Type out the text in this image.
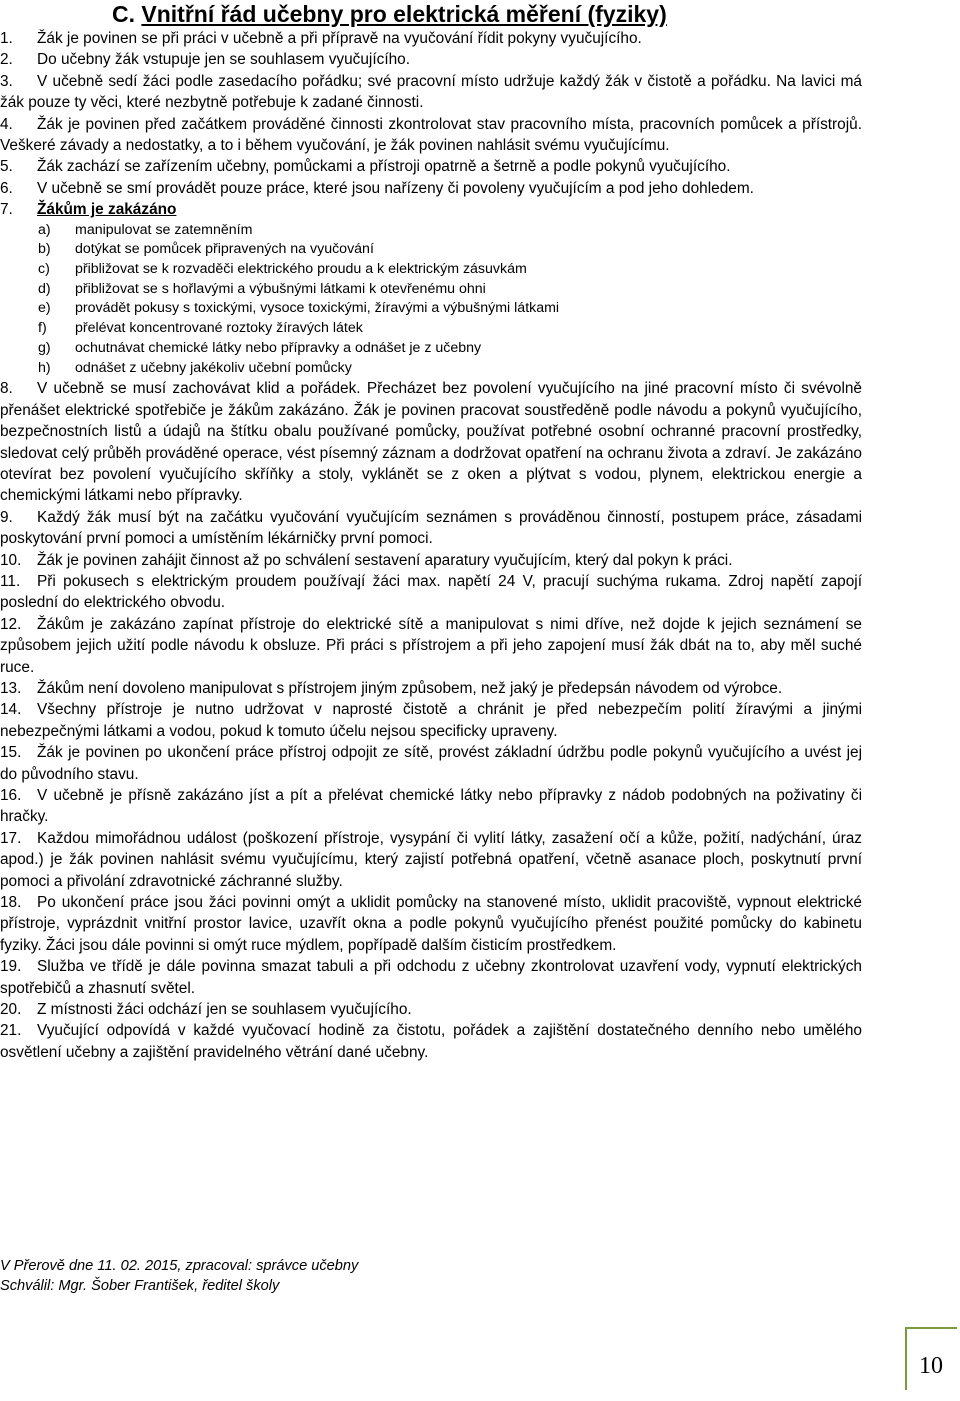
C. Vnitřní řád učebny pro elektrická měření (fyziky)

1. Žák je povinen se při práci v učebně a při přípravě na vyučování řídit pokyny vyučujícího.

2. Do učebny žák vstupuje jen se souhlasem vyučujícího.

3. V učebně sedí žáci podle zasedacího pořádku; své pracovní místo udržuje každý žák v čistotě a pořádku. Na lavici má žák pouze ty věci, které nezbytně potřebuje k zadané činnosti.

4. Žák je povinen před začátkem prováděné činnosti zkontrolovat stav pracovního místa, pracovních pomůcek a přístrojů. Veškeré závady a nedostatky, a to i během vyučování, je žák povinen nahlásit svému vyučujícímu.

5. Žák zachází se zařízením učebny, pomůckami a přístroji opatrně a šetrně a podle pokynů vyučujícího.

6. V učebně se smí provádět pouze práce, které jsou nařízeny či povoleny vyučujícím a pod jeho dohledem.

7. Žákům je zakázáno

a) manipulovat se zatemněním

b) dotýkat se pomůcek připravených na vyučování

c) přibližovat se k rozvaděči elektrického proudu a k elektrickým zásuvkám

d) přibližovat se s hořlavými a výbušnými látkami k otevřenému ohni

e) provádět pokusy s toxickými, vysoce toxickými, žíravými a výbušnými látkami

f) přelévat koncentrované roztoky žíravých látek

g) ochutnávat chemické látky nebo přípravky a odnášet je z učebny

h) odnášet z učebny jakékoliv učební pomůcky

8. V učebně se musí zachovávat klid a pořádek. Přecházet bez povolení vyučujícího na jiné pracovní místo či svévolně přenášet elektrické spotřebiče je žákům zakázáno. Žák je povinen pracovat soustředěně podle návodu a pokynů vyučujícího, bezpečnostních listů a údajů na štítku obalu používané pomůcky, používat potřebné osobní ochranné pracovní prostředky, sledovat celý průběh prováděné operace, vést písemný záznam a dodržovat opatření na ochranu života a zdraví. Je zakázáno otevírat bez povolení vyučujícího skříňky a stoly, vyklánět se z oken a plýtvat s vodou, plynem, elektrickou energie a chemickými látkami nebo přípravky.

9. Každý žák musí být na začátku vyučování vyučujícím seznámen s prováděnou činností, postupem práce, zásadami poskytování první pomoci a umístěním lékárničky první pomoci.

10. Žák je povinen zahájit činnost až po schválení sestavení aparatury vyučujícím, který dal pokyn k práci.

11. Při pokusech s elektrickým proudem používají žáci max. napětí 24 V, pracují suchýma rukama. Zdroj napětí zapojí poslední do elektrického obvodu.

12. Žákům je zakázáno zapínat přístroje do elektrické sítě a manipulovat s nimi dříve, než dojde k jejich seznámení se způsobem jejich užití podle návodu k obsluze. Při práci s přístrojem a při jeho zapojení musí žák dbát na to, aby měl suché ruce.

13. Žákům není dovoleno manipulovat s přístrojem jiným způsobem, než jaký je předepsán návodem od výrobce.

14. Všechny přístroje je nutno udržovat v naprosté čistotě a chránit je před nebezpečím polití žíravými a jinými nebezpečnými látkami a vodou, pokud k tomuto účelu nejsou specificky upraveny.

15. Žák je povinen po ukončení práce přístroj odpojit ze sítě, provést základní údržbu podle pokynů vyučujícího a uvést jej do původního stavu.

16. V učebně je přísně zakázáno jíst a pít a přelévat chemické látky nebo přípravky z nádob podobných na poživatiny či hračky.

17. Každou mimořádnou událost (poškození přístroje, vysypání či vylití látky, zasažení očí a kůže, požití, nadýchání, úraz apod.) je žák povinen nahlásit svému vyučujícímu, který zajistí potřebná opatření, včetně asanace ploch, poskytnutí první pomoci a přivolání zdravotnické záchranné služby.

18. Po ukončení práce jsou žáci povinni omýt a uklidit pomůcky na stanovené místo, uklidit pracoviště, vypnout elektrické přístroje, vyprázdnit vnitřní prostor lavice, uzavřít okna a podle pokynů vyučujícího přenést použité pomůcky do kabinetu fyziky. Žáci jsou dále povinni si omýt ruce mýdlem, popřípadě dalším čisticím prostředkem.

19. Služba ve třídě je dále povinna smazat tabuli a při odchodu z učebny zkontrolovat uzavření vody, vypnutí elektrických spotřebičů a zhasnutí světel.

20. Z místnosti žáci odchází jen se souhlasem vyučujícího.

21. Vyučující odpovídá v každé vyučovací hodině za čistotu, pořádek a zajištění dostatečného denního nebo umělého osvětlení učebny a zajištění pravidelného větrání dané učebny.

V Přerově dne 11. 02. 2015, zpracoval: správce učebny
Schválil: Mgr. Šober František, ředitel školy
10
